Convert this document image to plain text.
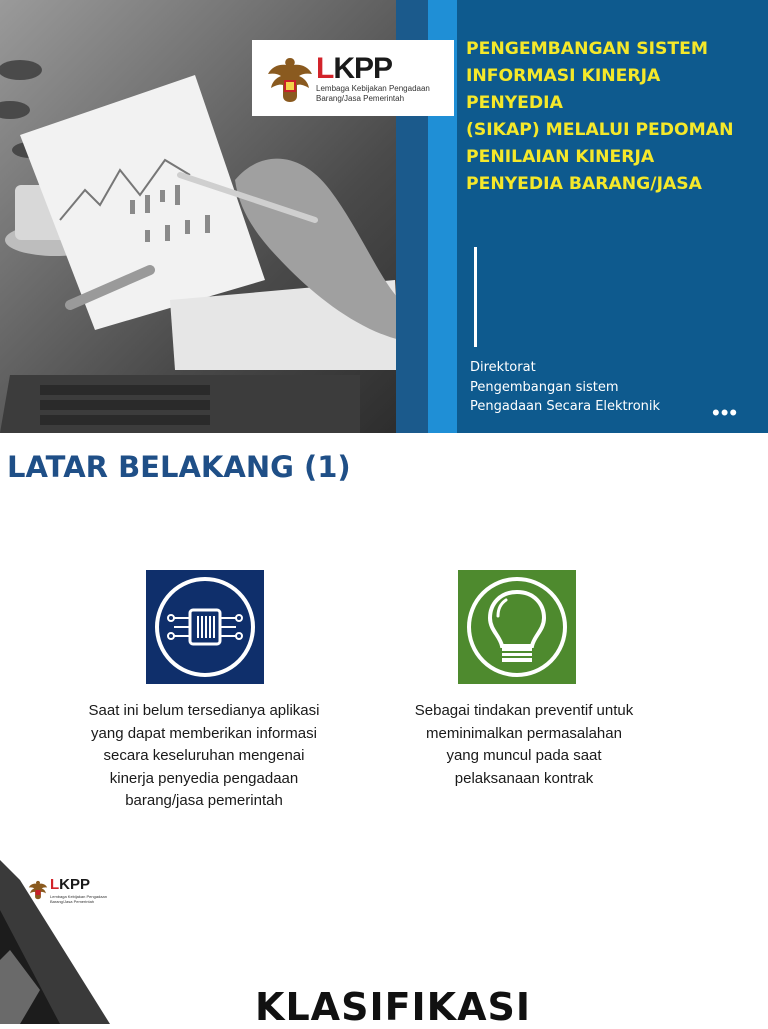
LKPP
Lembaga Kebijakan Pengadaan Barang/Jasa Pemerintah
PENGEMBANGAN SISTEM
INFORMASI KINERJA PENYEDIA
(SIKAP) MELALUI PEDOMAN
PENILAIAN KINERJA
PENYEDIA BARANG/JASA
Direktorat
Pengembangan sistem
Pengadaan Secara Elektronik •••
LATAR BELAKANG (1)
Saat ini belum tersedianya aplikasi
yang dapat memberikan informasi
secara keseluruhan mengenai
kinerja penyedia pengadaan
barang/jasa pemerintah
Sebagai tindakan preventif untuk
meminimalkan permasalahan
yang muncul pada saat
pelaksanaan kontrak
LKPP
Lembaga Kebijakan Pengadaan Barang/Jasa Pemerintah
KLASIFIKASI
